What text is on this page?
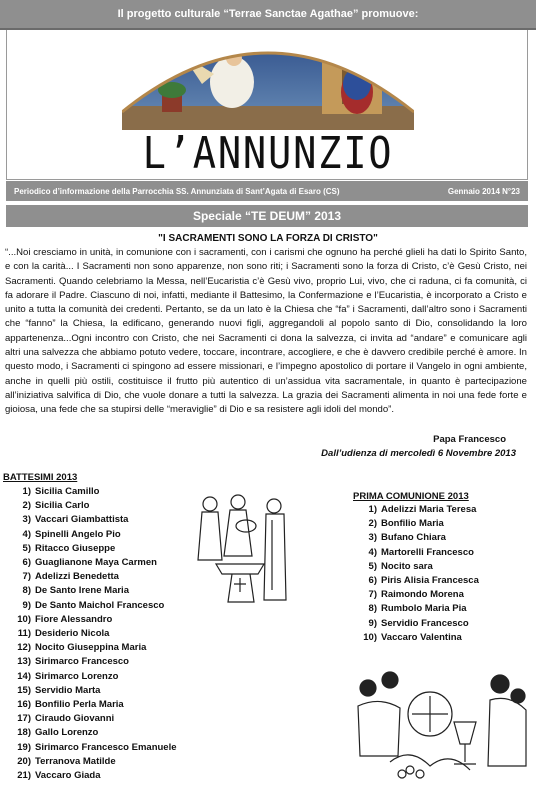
Il progetto culturale “Terrae Sanctae Agathae” promuove:
L’ANNUNZIO
Periodico d’informazione della Parrocchia SS. Annunziata di Sant’Agata di Esaro (CS)	Gennaio 2014 N°23
Speciale “TE DEUM” 2013
"I SACRAMENTI SONO LA FORZA DI CRISTO"

“...Noi cresciamo in unità, in comunione con i sacramenti, con i carismi che ognuno ha perché glieli ha dati lo Spirito Santo, e con la carità... I Sacramenti non sono apparenze, non sono riti; i Sacramenti sono la forza di Cristo, c’è Gesù Cristo, nei Sacramenti. Quando celebriamo la Messa, nell’Eucaristia c’è Gesù vivo, proprio Lui, vivo, che ci raduna, ci fa comunità, ci fa adorare il Padre. Ciascuno di noi, infatti, mediante il Battesimo, la Confermazione e l’Eucaristia, è incorporato a Cristo e unito a tutta la comunità dei credenti. Pertanto, se da un lato è la Chiesa che “fa” i Sacramenti, dall’altro sono i Sacramenti che “fanno” la Chiesa, la edificano, generando nuovi figli, aggregandoli al popolo santo di Dio, consolidando la loro appartenenza...Ogni incontro con Cristo, che nei Sacramenti ci dona la salvezza, ci invita ad “andare” e comunicare agli altri una salvezza che abbiamo potuto vedere, toccare, incontrare, accogliere, e che è davvero credibile perché è amore. In questo modo, i Sacramenti ci spingono ad essere missionari, e l’impegno apostolico di portare il Vangelo in ogni ambiente, anche in quelli più ostili, costituisce il frutto più autentico di un’assidua vita sacramentale, in quanto è partecipazione all’iniziativa salvifica di Dio, che vuole donare a tutti la salvezza. La grazia dei Sacramenti alimenta in noi una fede forte e gioiosa, una fede che sa stupirsi delle “meraviglie” di Dio e sa resistere agli idoli del mondo”.

Papa Francesco
Dall’udienza di mercoledì 6 Novembre 2013
BATTESIMI 2013
1) Sicilia Camillo
2) Sicilia Carlo
3) Vaccari Giambattista
4) Spinelli Angelo Pio
5) Ritacco Giuseppe
6) Guaglianone Maya Carmen
7) Adelizzi Benedetta
8) De Santo Irene Maria
9) De Santo Maichol Francesco
10) Fiore Alessandro
11) Desiderio Nicola
12) Nocito Giuseppina Maria
13) Sirimarco Francesco
14) Sirimarco Lorenzo
15) Servidio Marta
16) Bonfilio Perla Maria
17) Ciraudo Giovanni
18) Gallo Lorenzo
19) Sirimarco Francesco Emanuele
20) Terranova Matilde
21) Vaccaro Giada
PRIMA COMUNIONE 2013
1) Adelizzi Maria Teresa
2) Bonfilio Maria
3) Bufano Chiara
4) Martorelli Francesco
5) Nocito sara
6) Piris Alisia Francesca
7) Raimondo Morena
8) Rumbolo Maria Pia
9) Servidio Francesco
10) Vaccaro Valentina
